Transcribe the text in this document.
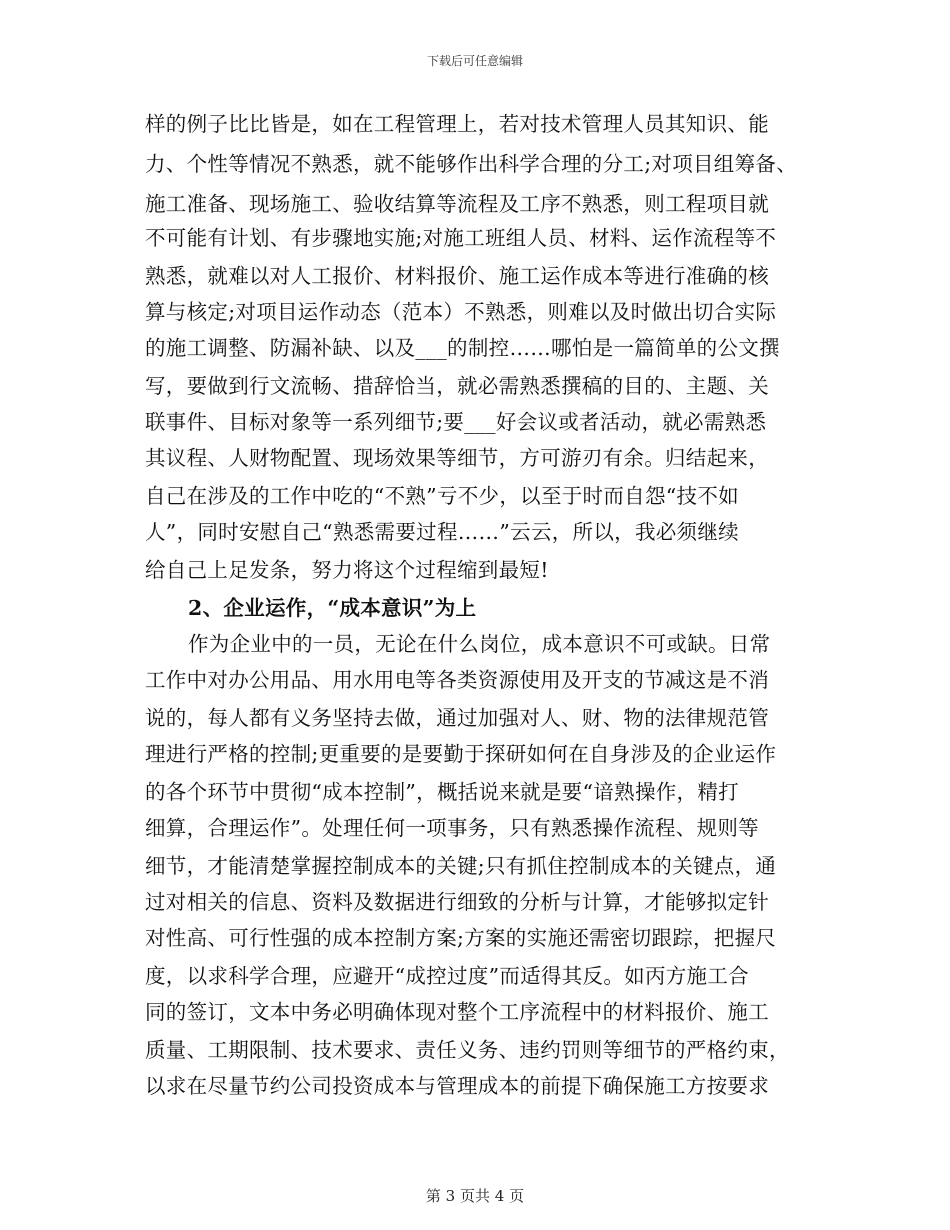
下载后可任意编辑
样的例子比比皆是，如在工程管理上，若对技术管理人员其知识、能
力、个性等情况不熟悉，就不能够作出科学合理的分工;对项目组筹备、
施工准备、现场施工、验收结算等流程及工序不熟悉，则工程项目就
不可能有计划、有步骤地实施;对施工班组人员、材料、运作流程等不
熟悉，就难以对人工报价、材料报价、施工运作成本等进行准确的核
算与核定;对项目运作动态（范本）不熟悉，则难以及时做出切合实际
的施工调整、防漏补缺、以及___的制控……哪怕是一篇简单的公文撰
写，要做到行文流畅、措辞恰当，就必需熟悉撰稿的目的、主题、关
联事件、目标对象等一系列细节;要___好会议或者活动，就必需熟悉
其议程、人财物配置、现场效果等细节，方可游刃有余。归结起来，
自己在涉及的工作中吃的“不熟”亏不少，以至于时而自怨“技不如
人”，同时安慰自己“熟悉需要过程……”云云，所以，我必须继续
给自己上足发条，努力将这个过程缩到最短!
2、企业运作，“成本意识”为上
作为企业中的一员，无论在什么岗位，成本意识不可或缺。日常
工作中对办公用品、用水用电等各类资源使用及开支的节减这是不消
说的，每人都有义务坚持去做，通过加强对人、财、物的法律规范管
理进行严格的控制;更重要的是要勤于探研如何在自身涉及的企业运作
的各个环节中贯彻“成本控制”，概括说来就是要“谙熟操作，精打
细算，合理运作”。处理任何一项事务，只有熟悉操作流程、规则等
细节，才能清楚掌握控制成本的关键;只有抓住控制成本的关键点，通
过对相关的信息、资料及数据进行细致的分析与计算，才能够拟定针
对性高、可行性强的成本控制方案;方案的实施还需密切跟踪，把握尺
度，以求科学合理，应避开“成控过度”而适得其反。如丙方施工合
同的签订，文本中务必明确体现对整个工序流程中的材料报价、施工
质量、工期限制、技术要求、责任义务、违约罚则等细节的严格约束，
以求在尽量节约公司投资成本与管理成本的前提下确保施工方按要求
第 3 页共 4 页
